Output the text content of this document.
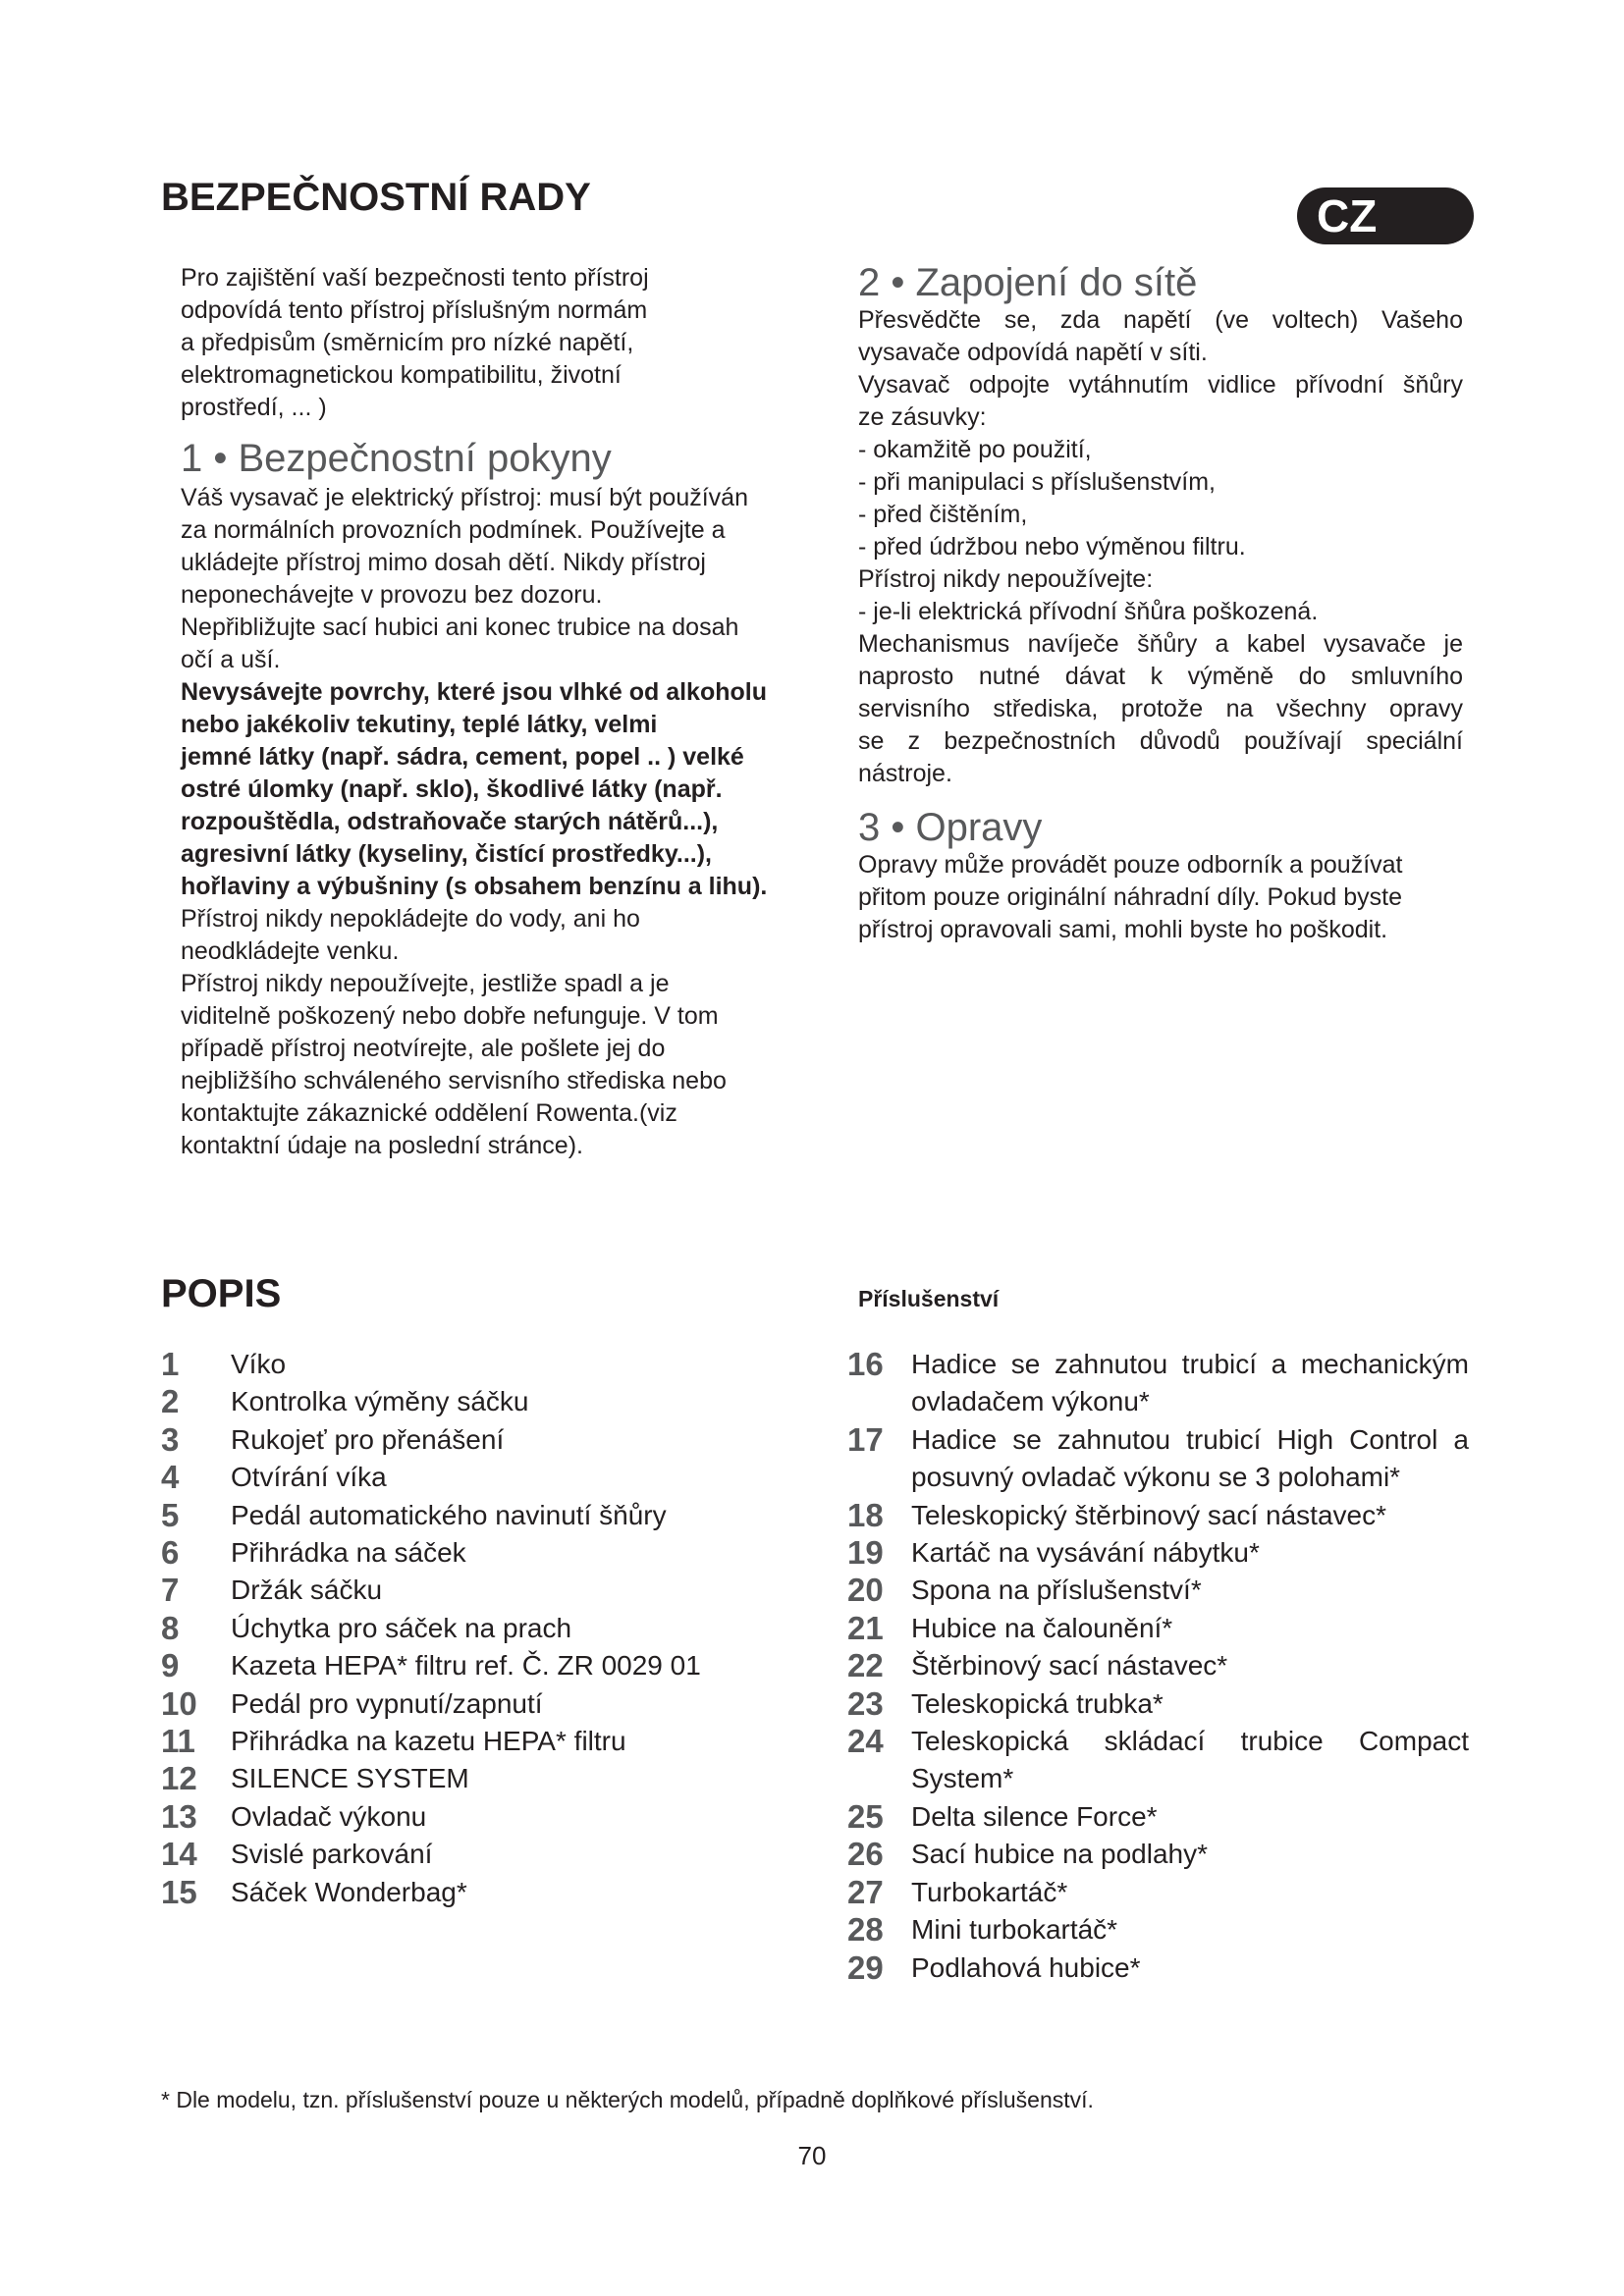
BEZPEČNOSTNÍ RADY	CZ
Pro zajištění vaší bezpečnosti tento přístroj
odpovídá tento přístroj příslušným normám
a předpisům (směrnicím pro nízké napětí,
elektromagnetickou kompatibilitu, životní
prostředí, ... )
1 • Bezpečnostní pokyny
Váš vysavač je elektrický přístroj: musí být používán
za normálních provozních podmínek. Používejte a
ukládejte přístroj mimo dosah dětí. Nikdy přístroj
neponechávejte v provozu bez dozoru.
Nepřibližujte sací hubici ani konec trubice na dosah
očí a uší.
Nevysávejte povrchy, které jsou vlhké od alkoholu
nebo jakékoliv tekutiny, teplé látky, velmi
jemné látky (např. sádra, cement, popel .. ) velké
ostré úlomky (např. sklo), škodlivé látky (např.
rozpouštědla, odstraňovače starých nátěrů...),
agresivní látky (kyseliny, čistící prostředky...),
hořlaviny a výbušniny (s obsahem benzínu a lihu).
Přístroj nikdy nepokládejte do vody, ani ho
neodkládejte venku.
Přístroj nikdy nepoužívejte, jestliže spadl a je
viditelně poškozený nebo dobře nefunguje. V tom
případě přístroj neotvírejte, ale pošlete jej do
nejbližšího schváleného servisního střediska nebo
kontaktujte zákaznické oddělení Rowenta.(viz
kontaktní údaje na poslední stránce).
2 • Zapojení do sítě
Přesvědčte se, zda napětí (ve voltech) Vašeho
vysavače odpovídá napětí v síti.
Vysavač odpojte vytáhnutím vidlice přívodní šňůry
ze zásuvky:
- okamžitě po použití,
- při manipulaci s příslušenstvím,
- před čištěním,
- před údržbou nebo výměnou filtru.
Přístroj nikdy nepoužívejte:
- je-li elektrická přívodní šňůra poškozená.
Mechanismus navíječe šňůry a kabel vysavače je
naprosto nutné dávat k výměně do smluvního
servisního střediska, protože na všechny opravy
se z bezpečnostních důvodů používají speciální
nástroje.
3 • Opravy
Opravy může provádět pouze odborník a používat
přitom pouze originální náhradní díly. Pokud byste
přístroj opravovali sami, mohli byste ho poškodit.
POPIS	Příslušenství
1 Víko
2 Kontrolka výměny sáčku
3 Rukojeť pro přenášení
4 Otvírání víka
5 Pedál automatického navinutí šňůry
6 Přihrádka na sáček
7 Držák sáčku
8 Úchytka pro sáček na prach
9 Kazeta HEPA* filtru ref. Č. ZR 0029 01
10 Pedál pro vypnutí/zapnutí
11 Přihrádka na kazetu HEPA* filtru
12 SILENCE SYSTEM
13 Ovladač výkonu
14 Svislé parkování
15 Sáček Wonderbag*
16 Hadice se zahnutou trubicí a mechanickým ovladačem výkonu*
17 Hadice se zahnutou trubicí High Control a posuvný ovladač výkonu se 3 polohami*
18 Teleskopický štěrbinový sací nástavec*
19 Kartáč na vysávání nábytku*
20 Spona na příslušenství*
21 Hubice na čalounění*
22 Štěrbinový sací nástavec*
23 Teleskopická trubka*
24 Teleskopická skládací trubice Compact System*
25 Delta silence Force*
26 Sací hubice na podlahy*
27 Turbokartáč*
28 Mini turbokartáč*
29 Podlahová hubice*
* Dle modelu, tzn. příslušenství pouze u některých modelů, případně doplňkové příslušenství.
70
